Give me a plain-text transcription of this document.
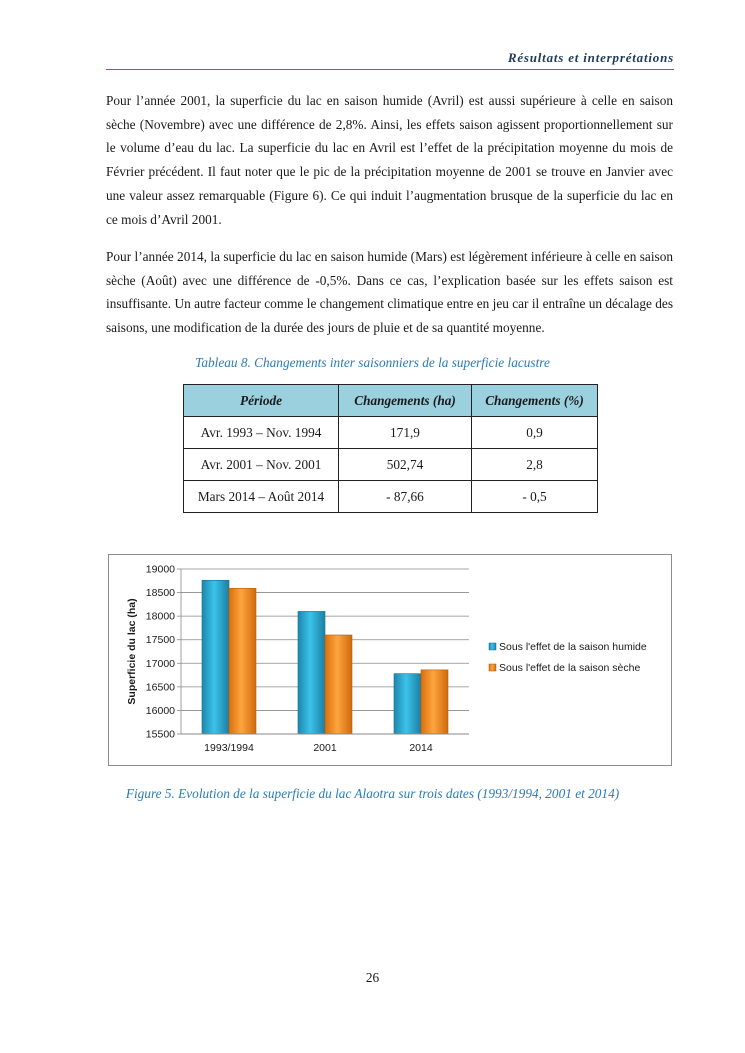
Résultats et interprétations

Pour l’année 2001, la superficie du lac en saison humide (Avril) est aussi supérieure à celle en saison sèche (Novembre) avec une différence de 2,8%. Ainsi, les effets saison agissent proportionnellement sur le volume d’eau du lac. La superficie du lac en Avril est l’effet de la précipitation moyenne du mois de Février précédent. Il faut noter que le pic de la précipitation moyenne de 2001 se trouve en Janvier avec une valeur assez remarquable (Figure 6). Ce qui induit l’augmentation brusque de la superficie du lac en ce mois d’Avril 2001.

Pour l’année 2014, la superficie du lac en saison humide (Mars) est légèrement inférieure à celle en saison sèche (Août) avec une différence de -0,5%. Dans ce cas, l’explication basée sur les effets saison est insuffisante. Un autre facteur comme le changement climatique entre en jeu car il entraîne un décalage des saisons, une modification de la durée des jours de pluie et de sa quantité moyenne.

Tableau 8. Changements inter saisonniers de la superficie lacustre

Période	Changements (ha)	Changements (%)
Avr. 1993 – Nov. 1994	171,9	0,9
Avr. 2001 – Nov. 2001	502,74	2,8
Mars 2014 – Août 2014	- 87,66	- 0,5
15500
16000
16500
17000
17500
18000
18500
19000
Superficie du lac (ha)
1993/1994	2001	2014
Sous l'effet de la saison humide
Sous l'effet de la saison sèche

Figure 5. Evolution de la superficie du lac Alaotra sur trois dates (1993/1994, 2001 et 2014)

26
